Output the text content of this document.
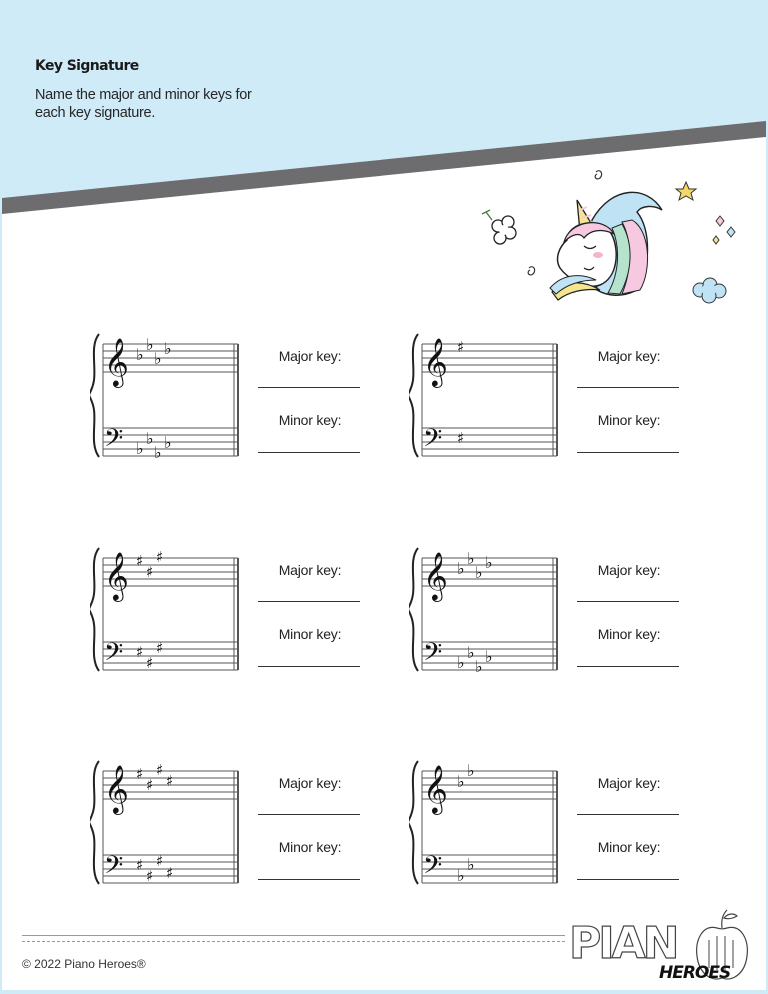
Key Signature

Name the major and minor keys for each key signature.

𝄞
𝄢
♭
♭
♭
♭
♭
♭
♭
♭
Major key:
Minor key:
𝄞
𝄢
♯
♯
Major key:
Minor key:
𝄞
𝄢
♯
♯
♯
♯
♯
♯
Major key:
Minor key:
𝄞
𝄢
♭
♭
♭
♭
♭
♭
♭
♭
Major key:
Minor key:
𝄞
𝄢
♯
♯
♯
♯
♯
♯
♯
♯
Major key:
Minor key:
𝄞
𝄢
♭
♭
♭
♭
Major key:
Minor key:
© 2022 Piano Heroes®	PIAN
HEROES
